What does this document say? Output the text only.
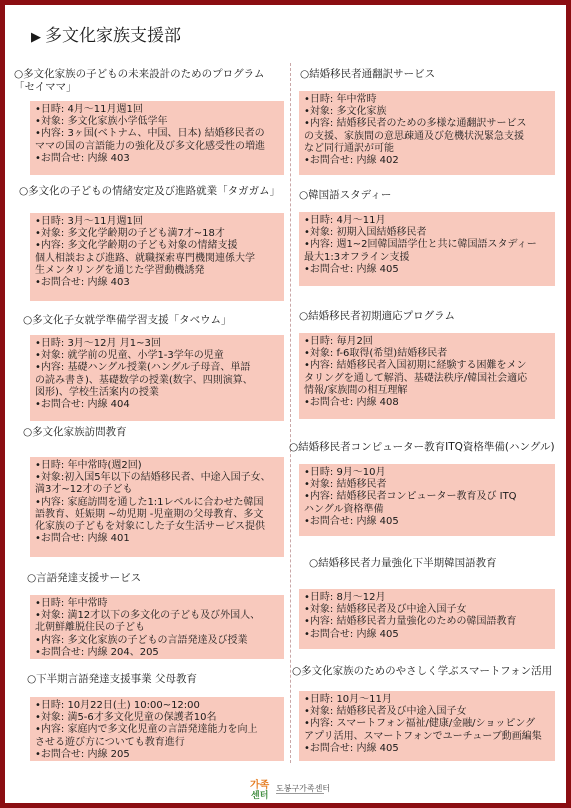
▶ 多文化家族支援部
○多文化家族の子どもの未来設計のためのプログラム
「セイママ」
•日時: 4月～11月週1回
•対象: 多文化家族小学低学年
•内容: 3ヶ国(ベトナム、中国、日本) 結婚移民者の
ママの国の言語能力の強化及び多文化感受性の増進
•お問合せ: 内線 403
○多文化の子どもの情緒安定及び進路就業「タガガム」
•日時: 3月～11月週1回
•対象: 多文化学齢期の子ども満7才~18才
•内容: 多文化学齢期の子ども対象の情緒支援
個人相談および進路、就職探索専門機関連係大学
生メンタリングを通じた学習動機誘発
•お問合せ: 内線 403
○多文化子女就学準備学習支援「タベウム」
•日時: 3月～12月 月1~3回
•対象: 就学前の児童、小学1-3学年の児童
•内容: 基礎ハングル授業(ハングル子母音、単語
の読み書き)、基礎数学の授業(数字、四則演算、
図形)、学校生活案内の授業
•お問合せ: 内線 404
○多文化家族訪問教育
•日時: 年中常時(週2回)
•対象:初入国5年以下の結婚移民者、中途入国子女、
満3才~12才の子ども
•内容: 家庭訪問を通した1:1レベルに合わせた韓国
語教育、妊娠期 ~幼児期 -児童期の父母教育、多文
化家族の子どもを対象にした子女生活サービス提供
•お問合せ: 内線 401
○言語発達支援サービス
•日時: 年中常時
•対象: 満12才以下の多文化の子ども及び外国人、
北朝鮮離脱住民の子ども
•内容: 多文化家族の子どもの言語発達及び授業
•お問合せ: 内線 204、205
○下半期言語発達支援事業 父母教育
•日時: 10月22日(土) 10:00~12:00
•対象: 満5-6才多文化児童の保護者10名
•内容: 家庭内で多文化児童の言語発達能力を向上
させる遊び方についても教育進行
•お問合せ: 内線 205
○結婚移民者通翻訳サービス
•日時: 年中常時
•対象: 多文化家族
•内容: 結婚移民者のための多様な通翻訳サービス
の支援、家族間の意思疎通及び危機状況緊急支援
など同行通訳が可能
•お問合せ: 内線 402
○韓国語スタディー
•日時: 4月～11月
•対象: 初期入国結婚移民者
•内容: 週1~2回韓国語学仕と共に韓国語スタディー
最大1:3オフライン支援
•お問合せ: 内線 405
○結婚移民者初期適応プログラム
•日時: 毎月2回
•対象: f-6取得(希望)結婚移民者
•内容: 結婚移民者入国初期に経験する困難をメン
タリングを通して解消、基礎法秩序/韓国社会適応
情報/家族間の相互理解
•お問合せ: 内線 408
○結婚移民者コンピューター教育ITQ資格準備(ハングル)
•日時: 9月～10月
•対象: 結婚移民者
•内容: 結婚移民者コンピューター教育及び ITQ
ハングル資格準備
•お問合せ: 内線 405
○結婚移民者力量強化下半期韓国語教育
•日時: 8月～12月
•対象: 結婚移民者及び中途入国子女
•内容: 結婚移民者力量強化のための韓国語教育
•お問合せ: 内線 405
○多文化家族のためのやさしく学ぶスマートフォン活用
•日時: 10月～11月
•対象: 結婚移民者及び中途入国子女
•内容: スマートフォン福祉/健康/金融/ショッピング
アプリ活用、スマートフォンでユーチューブ動画編集
•お問合せ: 内線 405
가족
센터
도봉구가족센터
